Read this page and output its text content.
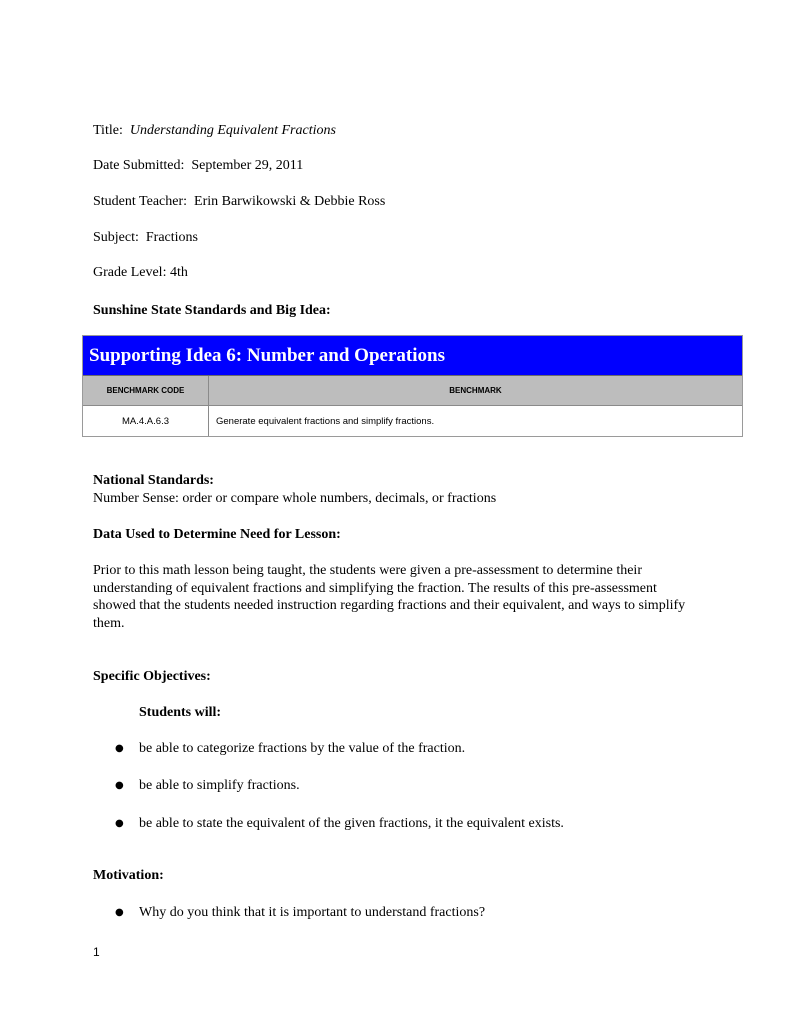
Title: Understanding Equivalent Fractions
Date Submitted: September 29, 2011
Student Teacher: Erin Barwikowski & Debbie Ross
Subject: Fractions
Grade Level: 4th
Sunshine State Standards and Big Idea:
Supporting Idea 6: Number and Operations
BENCHMARK CODE	BENCHMARK
MA.4.A.6.3	Generate equivalent fractions and simplify fractions.
National Standards:
Number Sense: order or compare whole numbers, decimals, or fractions
Data Used to Determine Need for Lesson:
Prior to this math lesson being taught, the students were given a pre-assessment to determine their understanding of equivalent fractions and simplifying the fraction. The results of this pre-assessment showed that the students needed instruction regarding fractions and their equivalent, and ways to simplify them.
Specific Objectives:
Students will:
● be able to categorize fractions by the value of the fraction.
● be able to simplify fractions.
● be able to state the equivalent of the given fractions, it the equivalent exists.
Motivation:
● Why do you think that it is important to understand fractions?
1
